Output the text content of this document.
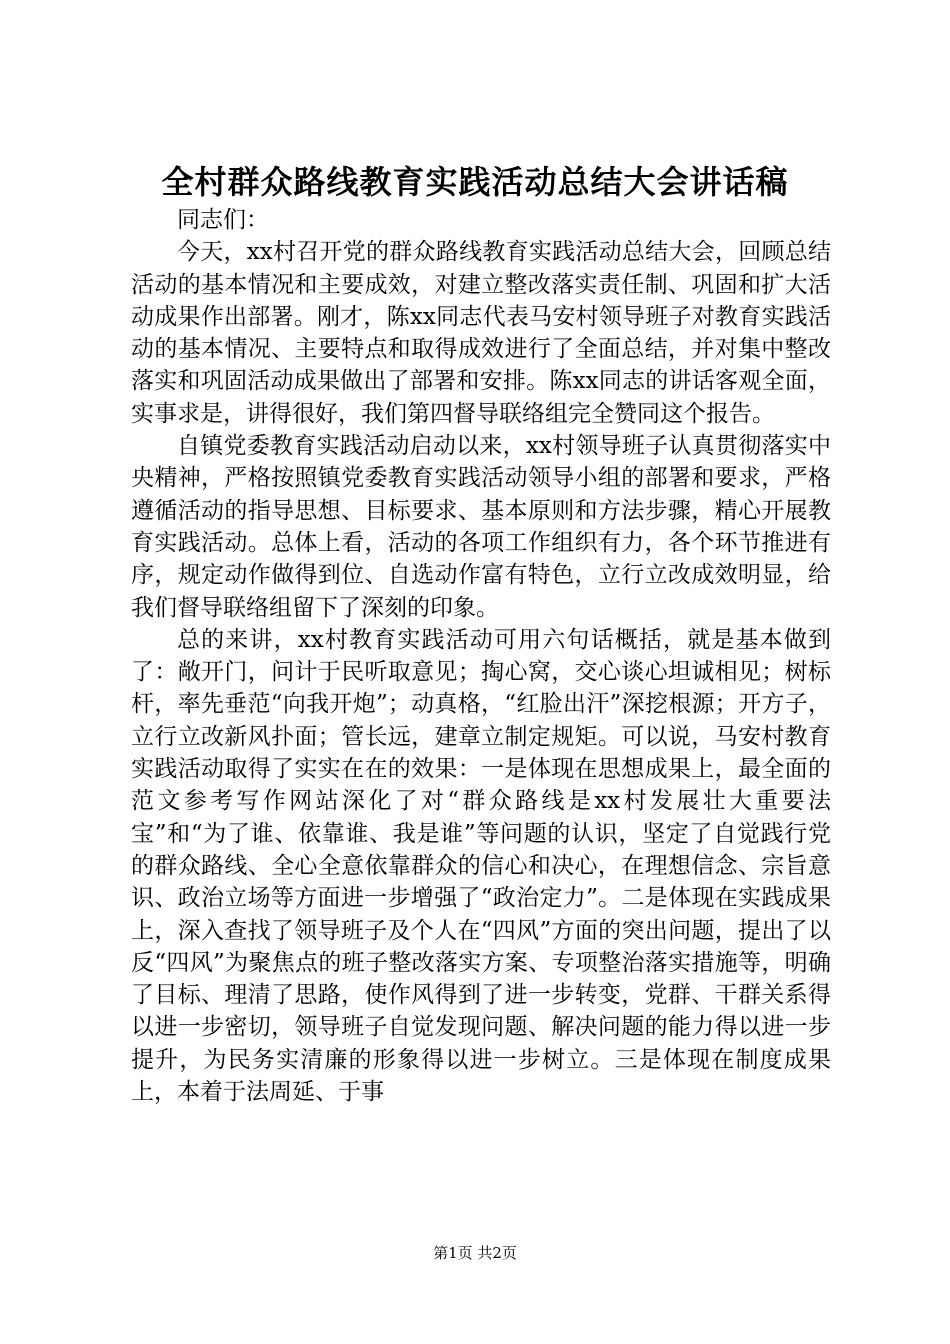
全村群众路线教育实践活动总结大会讲话稿

同志们：

今天，xx村召开党的群众路线教育实践活动总结大会，回顾总结活动的基本情况和主要成效，对建立整改落实责任制、巩固和扩大活动成果作出部署。刚才，陈xx同志代表马安村领导班子对教育实践活动的基本情况、主要特点和取得成效进行了全面总结，并对集中整改落实和巩固活动成果做出了部署和安排。陈xx同志的讲话客观全面，实事求是，讲得很好，我们第四督导联络组完全赞同这个报告。

自镇党委教育实践活动启动以来，xx村领导班子认真贯彻落实中央精神，严格按照镇党委教育实践活动领导小组的部署和要求，严格遵循活动的指导思想、目标要求、基本原则和方法步骤，精心开展教育实践活动。总体上看，活动的各项工作组织有力，各个环节推进有序，规定动作做得到位、自选动作富有特色，立行立改成效明显，给我们督导联络组留下了深刻的印象。

总的来讲，xx村教育实践活动可用六句话概括，就是基本做到了：敞开门，问计于民听取意见；掏心窝，交心谈心坦诚相见；树标杆，率先垂范“向我开炮”；动真格，“红脸出汗”深挖根源；开方子，立行立改新风扑面；管长远，建章立制定规矩。可以说，马安村教育实践活动取得了实实在在的效果：一是体现在思想成果上，最全面的范文参考写作网站深化了对“群众路线是xx村发展壮大重要法宝”和“为了谁、依靠谁、我是谁”等问题的认识，坚定了自觉践行党的群众路线、全心全意依靠群众的信心和决心，在理想信念、宗旨意识、政治立场等方面进一步增强了“政治定力”。二是体现在实践成果上，深入查找了领导班子及个人在“四风”方面的突出问题，提出了以反“四风”为聚焦点的班子整改落实方案、专项整治落实措施等，明确了目标、理清了思路，使作风得到了进一步转变，党群、干群关系得以进一步密切，领导班子自觉发现问题、解决问题的能力得以进一步提升，为民务实清廉的形象得以进一步树立。三是体现在制度成果上，本着于法周延、于事

第1页 共2页
